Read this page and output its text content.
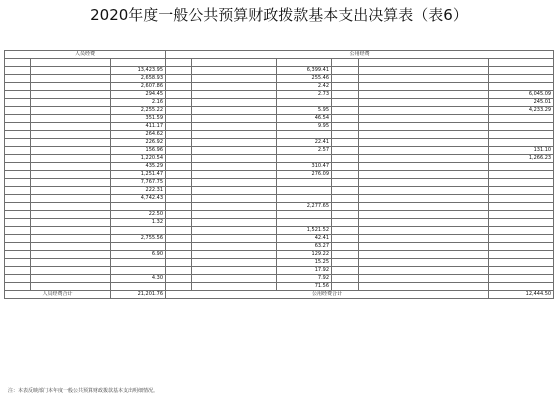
2020年度一般公共预算财政拨款基本支出决算表（表6）
人员经费			公用经费					

		13,423.95			6,399.41			
		2,658.93			255.46			
		2,607.86			2.42			
		294.45			2.73			6,045.09
		2.16						245.01
		2,255.22			5.95			4,233.29
		351.59			46.54			
		411.17			9.95			
		264.62						
		226.92			22.41			
		156.96			2.57			131.10
		1,220.54						1,266.23
		435.29			310.47			
		1,251.47			276.09			
		7,767.75						
		222.31						
		4,742.43						
					2,277.65			
		22.50						
		1.32						
					1,521.52			
		2,755.56			42.41			
					63.27			
		6.90			129.22			
					15.25			
					17.92			
		4.30			7.92			
					71.56			
人员经费合计		21,201.76	公用经费合计					12,444.50
注：本表反映部门本年度一般公共预算财政拨款基本支出明细情况。
